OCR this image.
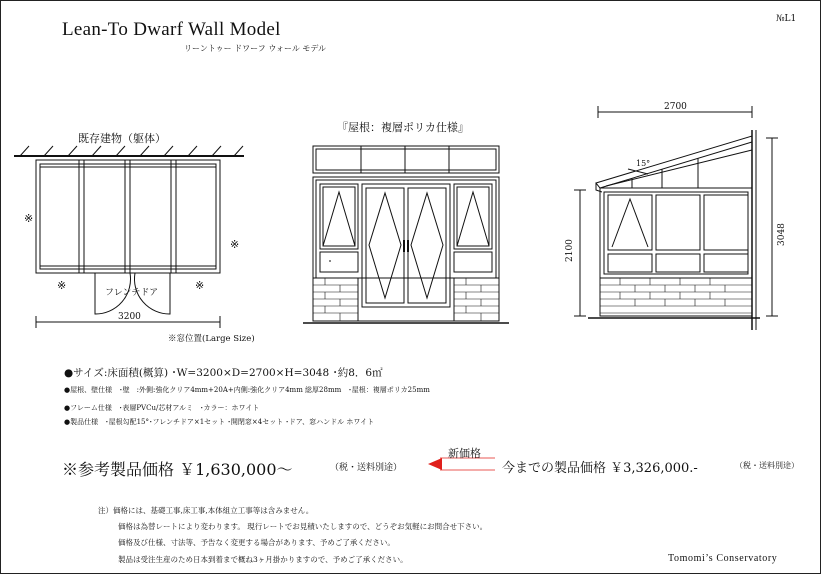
Lean-To Dwarf Wall Model
リーントゥー ドワーフ ウォール モデル
№L1
既存建物（躯体）
3200
フレンチドア
※
※
※	※
※窓位置(Large Size)
『屋根：複層ポリカ仕様』
2700
15°
2100
3048
●サイズ:床面積(概算) ･W=3200×D=2700×H=3048 ･約8．6㎡
●屋根、壁仕様　･壁　:外側:強化クリア4mm+20A+内側:強化クリア4mm 総厚28mm　･屋根：複層ポリカ25mm
●フレーム仕様　･表層PVCu/芯材アルミ　･カラー：ホワイト
●製品仕様　･屋根勾配15°･フレンチドア×1セット ･開閉窓×4セット ･ドア、窓ハンドル ホワイト
※参考製品価格 ￥1,630,000～	（税・送料別途）
新価格
今までの製品価格 ￥3,326,000.-	（税・送料別途）
注）価格には、基礎工事,床工事,本体組立工事等は含みません。
価格は為替レートにより変わります。 現行レートでお見積いたしますので、どうぞお気軽にお問合せ下さい。
価格及び仕様、寸法等、予告なく変更する場合があります、予めご了承ください。
製品は受注生産のため日本到着まで概ね3ヶ月掛かりますので、予めご了承ください。	Tomomi’s Conservatory
